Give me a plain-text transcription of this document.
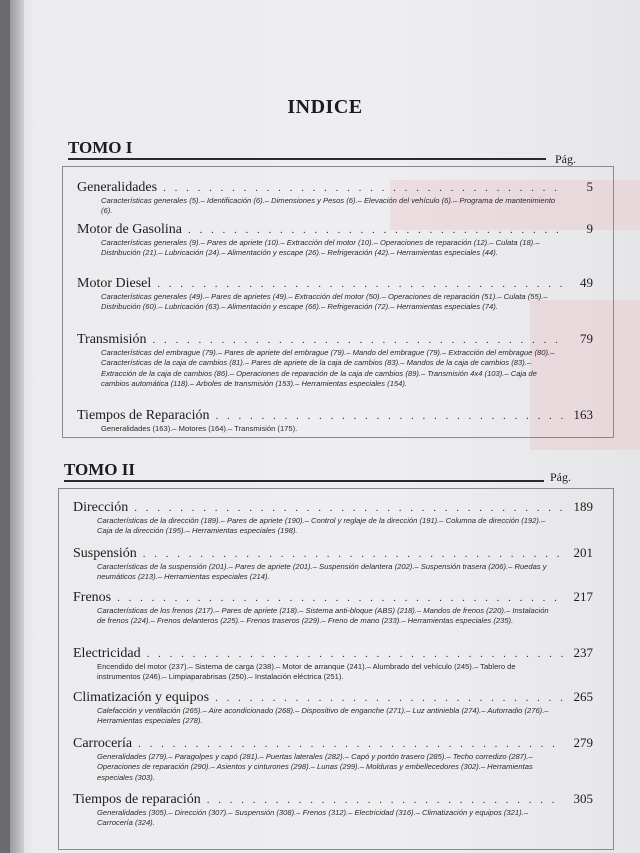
INDICE
TOMO I
Pág.
Generalidades . . .	5
Características generales (5).– Identificación (6).– Dimensiones y Pesos (6).– Elevación del vehículo (6).– Programa de mantenimiento (6).
Motor de Gasolina . . .	9
Características generales (9).– Pares de apriete (10).– Extracción del motor (10).– Operaciones de reparación (12).– Culata (18).– Distribución (21).– Lubricación (24).– Alimentación y escape (26).– Refrigeración (42).– Herramientas especiales (44).
Motor Diesel . . .	49
Características generales (49).– Pares de aprietes (49).– Extracción del motor (50).– Operaciones de reparación (51).– Culata (55).– Distribución (60).– Lubricación (63).– Alimentación y escape (66).– Refrigeración (72).– Herramientas especiales (74).
Transmisión . . .	79
Características del embrague (79).– Pares de apriete del embrague (79).– Mando del embrague (79).– Extracción del embrague (80).– Características de la caja de cambios (81).– Pares de apriete de la caja de cambios (83).– Mandos de la caja de cambios (83).– Extracción de la caja de cambios (86).– Operaciones de reparación de la caja de cambios (89).– Transmisión 4x4 (103).– Caja de cambios automática (118).– Arboles de transmisión (153).– Herramientas especiales (154).
Tiempos de Reparación . . .	163
Generalidades (163).– Motores (164).– Transmisión (175).
TOMO II	Pág.
Dirección . . .	189
Características de la dirección (189).– Pares de apriete (190).– Control y reglaje de la dirección (191).– Columna de dirección (192).– Caja de la dirección (195).– Herramientas especiales (198).
Suspensión . . .	201
Características de la suspensión (201).– Pares de apriete (201).– Suspensión delantera (202).– Suspensión trasera (206).– Ruedas y neumáticos (213).– Herramientas especiales (214).
Frenos . . .	217
Características de los frenos (217).– Pares de apriete (218).– Sistema anti-bloque (ABS) (218).– Mandos de frenos (220).– Instalación de frenos (224).– Frenos delanteros (225).– Frenos traseros (229).– Freno de mano (233).– Herramientas especiales (235).
Electricidad . . .	237
Encendido del motor (237).– Sistema de carga (238).– Motor de arranque (241).– Alumbrado del vehículo (245).– Tablero de instrumentos (246).– Limpiaparabrisas (250).– Instalación eléctrica (251).
Climatización y equipos . . .	265
Calefacción y ventilación (265).– Aire acondicionado (268).– Dispositivo de enganche (271).– Luz antiniebla (274).– Autorradio (276).– Herramientas especiales (278).
Carrocería . . .	279
Generalidades (279).– Paragolpes y capó (281).– Puertas laterales (282).– Capó y portón trasero (285).– Techo corredizo (287).– Operaciones de reparación (290).– Asientos y cinturones (298).– Lunas (299).– Molduras y embellecedores (302).– Herramientas especiales (303).
Tiempos de reparación . . .	305
Generalidades (305).– Dirección (307).– Suspensión (308).– Frenos (312).– Electricidad (316).– Climatización y equipos (321).– Carrocería (324).
